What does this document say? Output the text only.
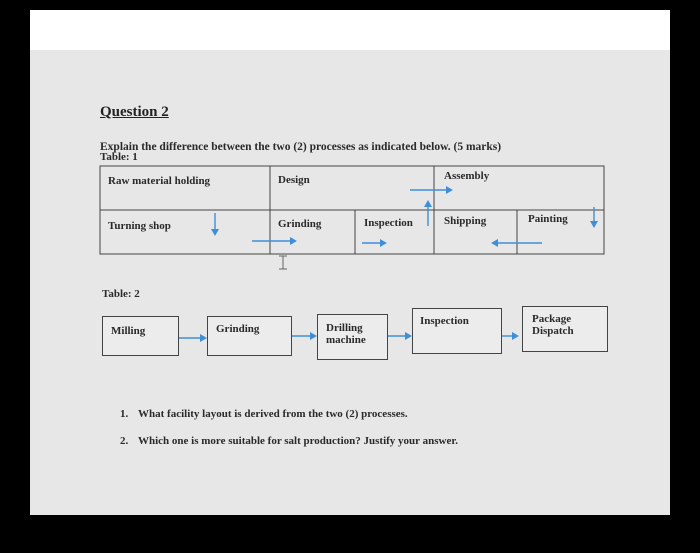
Question 2
Explain the difference between the two (2) processes as indicated below. (5 marks)
Table: 1
Raw material holding	Design	Assembly
Turning shop	Grinding	Inspection	Shipping	Painting
Table: 2
Milling	Grinding	Drilling
machine
Inspection	Package
Dispatch
1. What facility layout is derived from the two (2) processes.
2. Which one is more suitable for salt production? Justify your answer.
